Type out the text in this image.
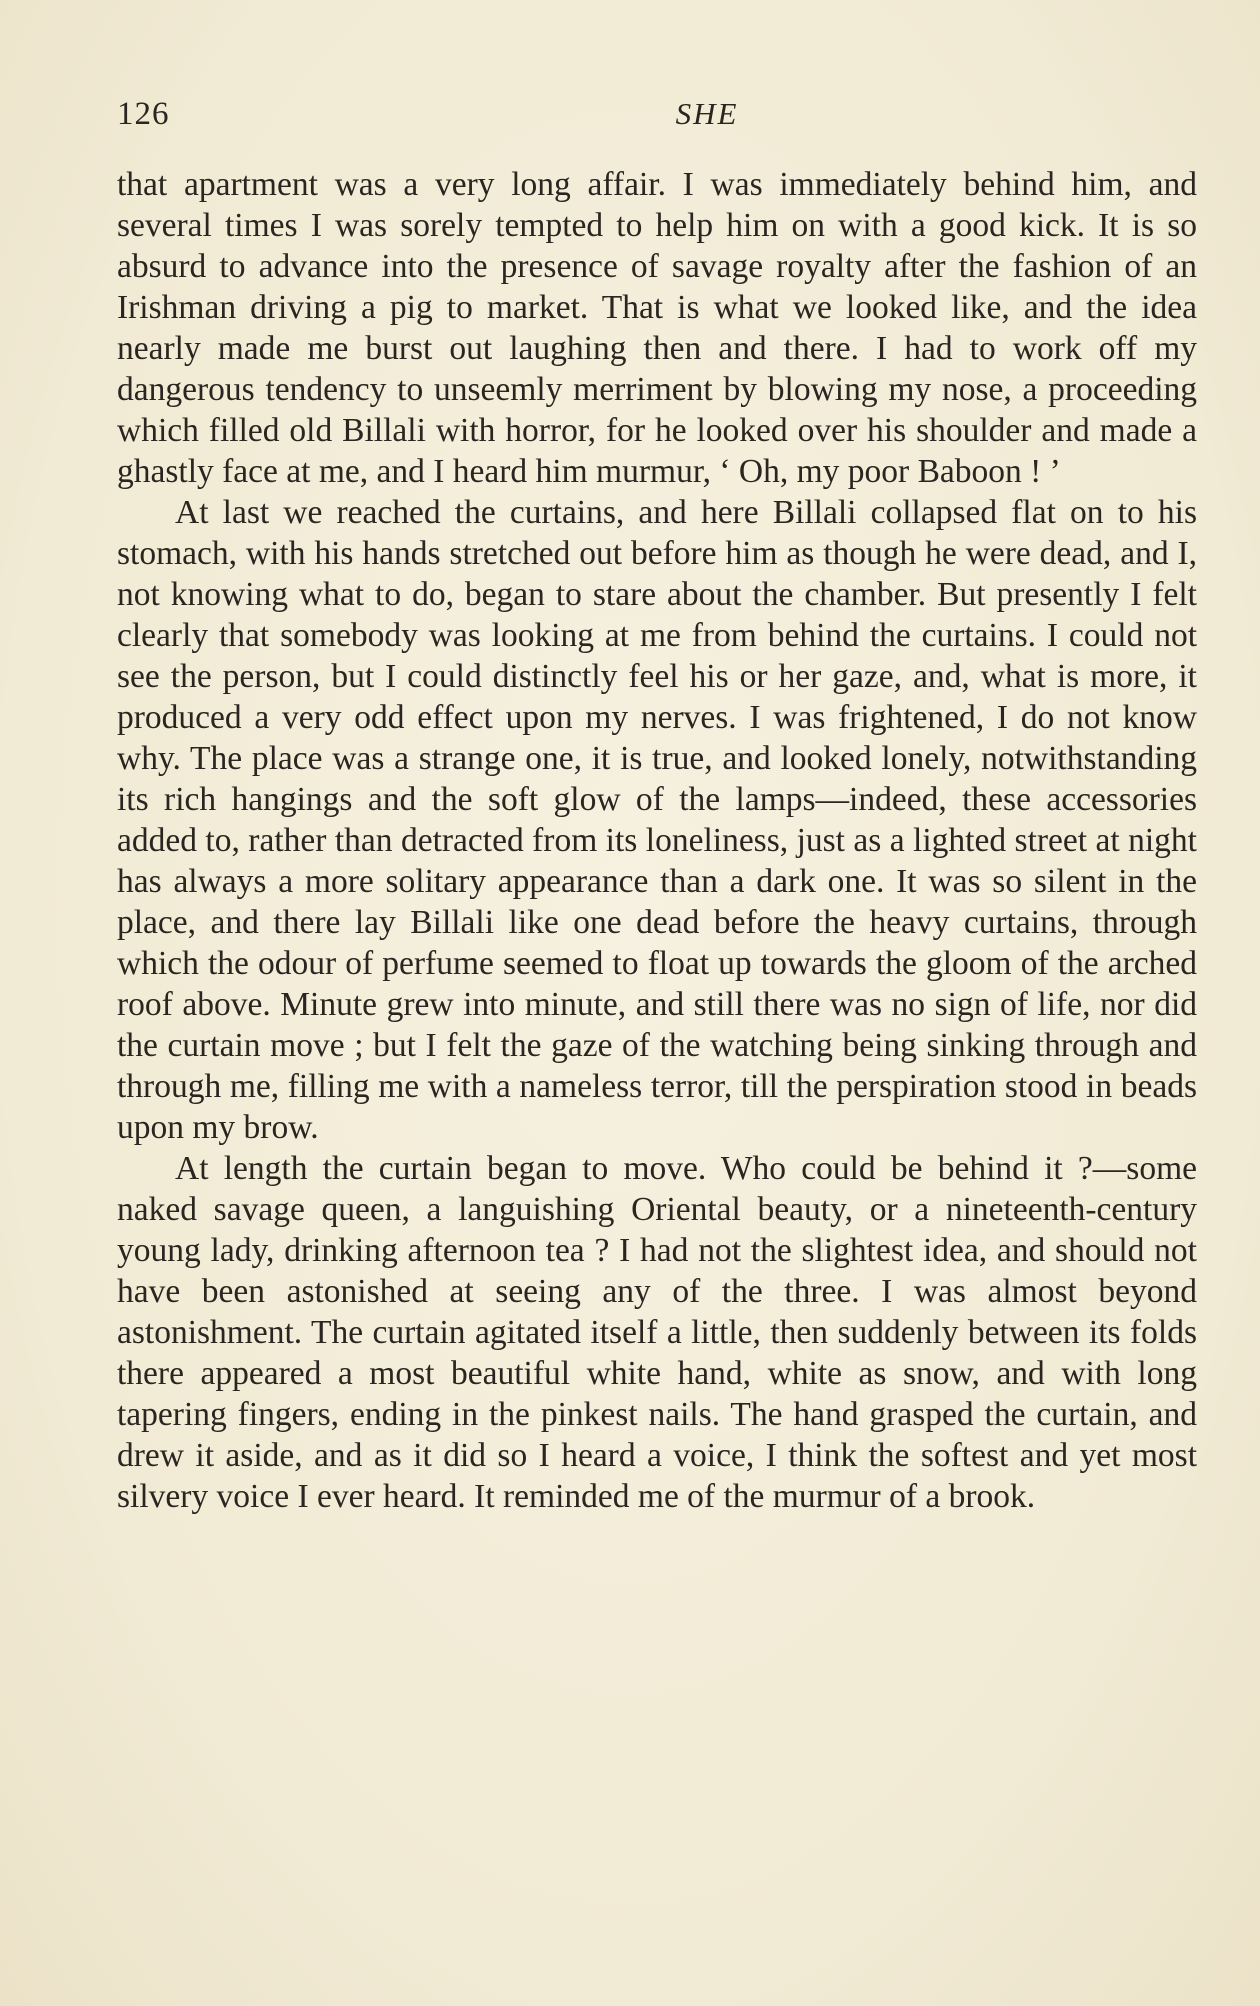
126	SHE

that apartment was a very long affair. I was immediately behind him, and several times I was sorely tempted to help him on with a good kick. It is so absurd to advance into the presence of savage royalty after the fashion of an Irishman driving a pig to market. That is what we looked like, and the idea nearly made me burst out laughing then and there. I had to work off my dangerous tendency to unseemly merriment by blowing my nose, a proceeding which filled old Billali with horror, for he looked over his shoulder and made a ghastly face at me, and I heard him murmur, ‘ Oh, my poor Baboon ! ’

At last we reached the curtains, and here Billali collapsed flat on to his stomach, with his hands stretched out before him as though he were dead, and I, not knowing what to do, began to stare about the chamber. But presently I felt clearly that somebody was looking at me from behind the curtains. I could not see the person, but I could distinctly feel his or her gaze, and, what is more, it produced a very odd effect upon my nerves. I was frightened, I do not know why. The place was a strange one, it is true, and looked lonely, notwithstanding its rich hangings and the soft glow of the lamps—indeed, these accessories added to, rather than detracted from its loneliness, just as a lighted street at night has always a more solitary appearance than a dark one. It was so silent in the place, and there lay Billali like one dead before the heavy curtains, through which the odour of perfume seemed to float up towards the gloom of the arched roof above. Minute grew into minute, and still there was no sign of life, nor did the curtain move ; but I felt the gaze of the watching being sinking through and through me, filling me with a nameless terror, till the perspiration stood in beads upon my brow.

At length the curtain began to move. Who could be behind it ?—some naked savage queen, a languishing Oriental beauty, or a nineteenth-century young lady, drinking afternoon tea ? I had not the slightest idea, and should not have been astonished at seeing any of the three. I was almost beyond astonishment. The curtain agitated itself a little, then suddenly between its folds there appeared a most beautiful white hand, white as snow, and with long tapering fingers, ending in the pinkest nails. The hand grasped the curtain, and drew it aside, and as it did so I heard a voice, I think the softest and yet most silvery voice I ever heard. It reminded me of the murmur of a brook.
